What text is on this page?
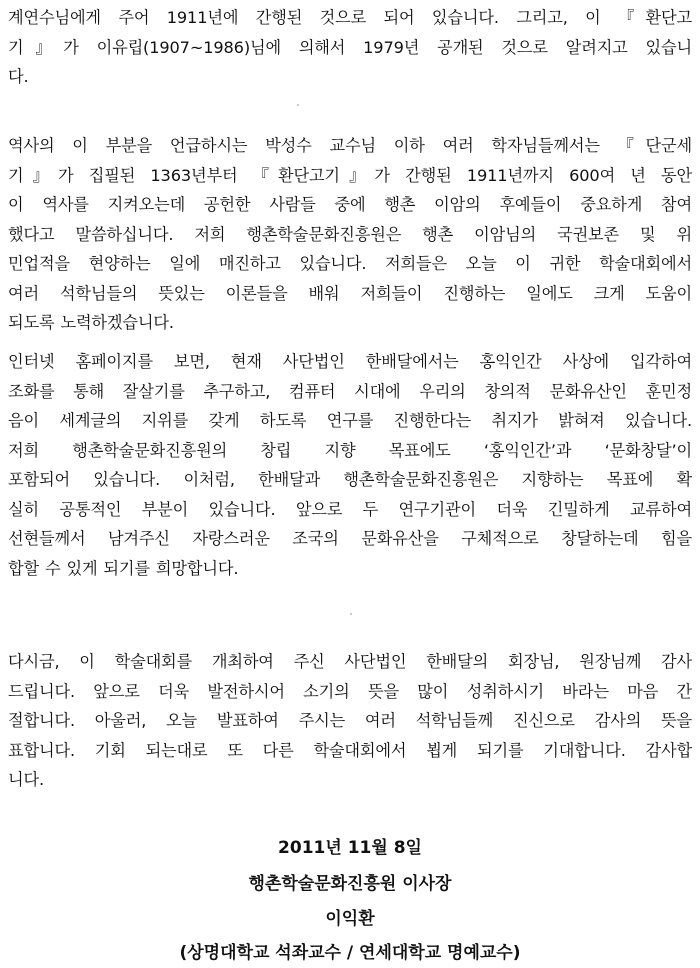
계연수님에게 주어 1911년에 간행된 것으로 되어 있습니다. 그리고, 이 『환단고
기』가 이유립(1907~1986)님에 의해서 1979년 공개된 것으로 알려지고 있습니
다.
역사의 이 부분을 언급하시는 박성수 교수님 이하 여러 학자님들께서는 『단군세
기』가 집필된 1363년부터 『환단고기』가 간행된 1911년까지 600여 년 동안
이 역사를 지켜오는데 공헌한 사람들 중에 행촌 이암의 후예들이 중요하게 참여
했다고 말씀하십니다. 저희 행촌학술문화진흥원은 행촌 이암님의 국권보존 및 위
민업적을 현양하는 일에 매진하고 있습니다. 저희들은 오늘 이 귀한 학술대회에서
여러 석학님들의 뜻있는 이론들을 배워 저희들이 진행하는 일에도 크게 도움이
되도록 노력하겠습니다.
인터넷 홈페이지를 보면, 현재 사단법인 한배달에서는 홍익인간 사상에 입각하여
조화를 통해 잘살기를 추구하고, 컴퓨터 시대에 우리의 창의적 문화유산인 훈민정
음이 세계글의 지위를 갖게 하도록 연구를 진행한다는 취지가 밝혀져 있습니다.
저희 행촌학술문화진흥원의 창립 지향 목표에도 ‘홍익인간’과 ‘문화창달’이
포함되어 있습니다. 이처럼, 한배달과 행촌학술문화진흥원은 지향하는 목표에 확
실히 공통적인 부분이 있습니다. 앞으로 두 연구기관이 더욱 긴밀하게 교류하여
선현들께서 남겨주신 자랑스러운 조국의 문화유산을 구체적으로 창달하는데 힘을
합할 수 있게 되기를 희망합니다.
다시금, 이 학술대회를 개최하여 주신 사단법인 한배달의 회장님, 원장님께 감사
드립니다. 앞으로 더욱 발전하시어 소기의 뜻을 많이 성취하시기 바라는 마음 간
절합니다. 아울러, 오늘 발표하여 주시는 여러 석학님들께 진신으로 감사의 뜻을
표합니다. 기회 되는대로 또 다른 학술대회에서 뵙게 되기를 기대합니다. 감사합
니다.
2011년 11월 8일
행촌학술문화진흥원 이사장
이익환
(상명대학교 석좌교수 / 연세대학교 명예교수)
